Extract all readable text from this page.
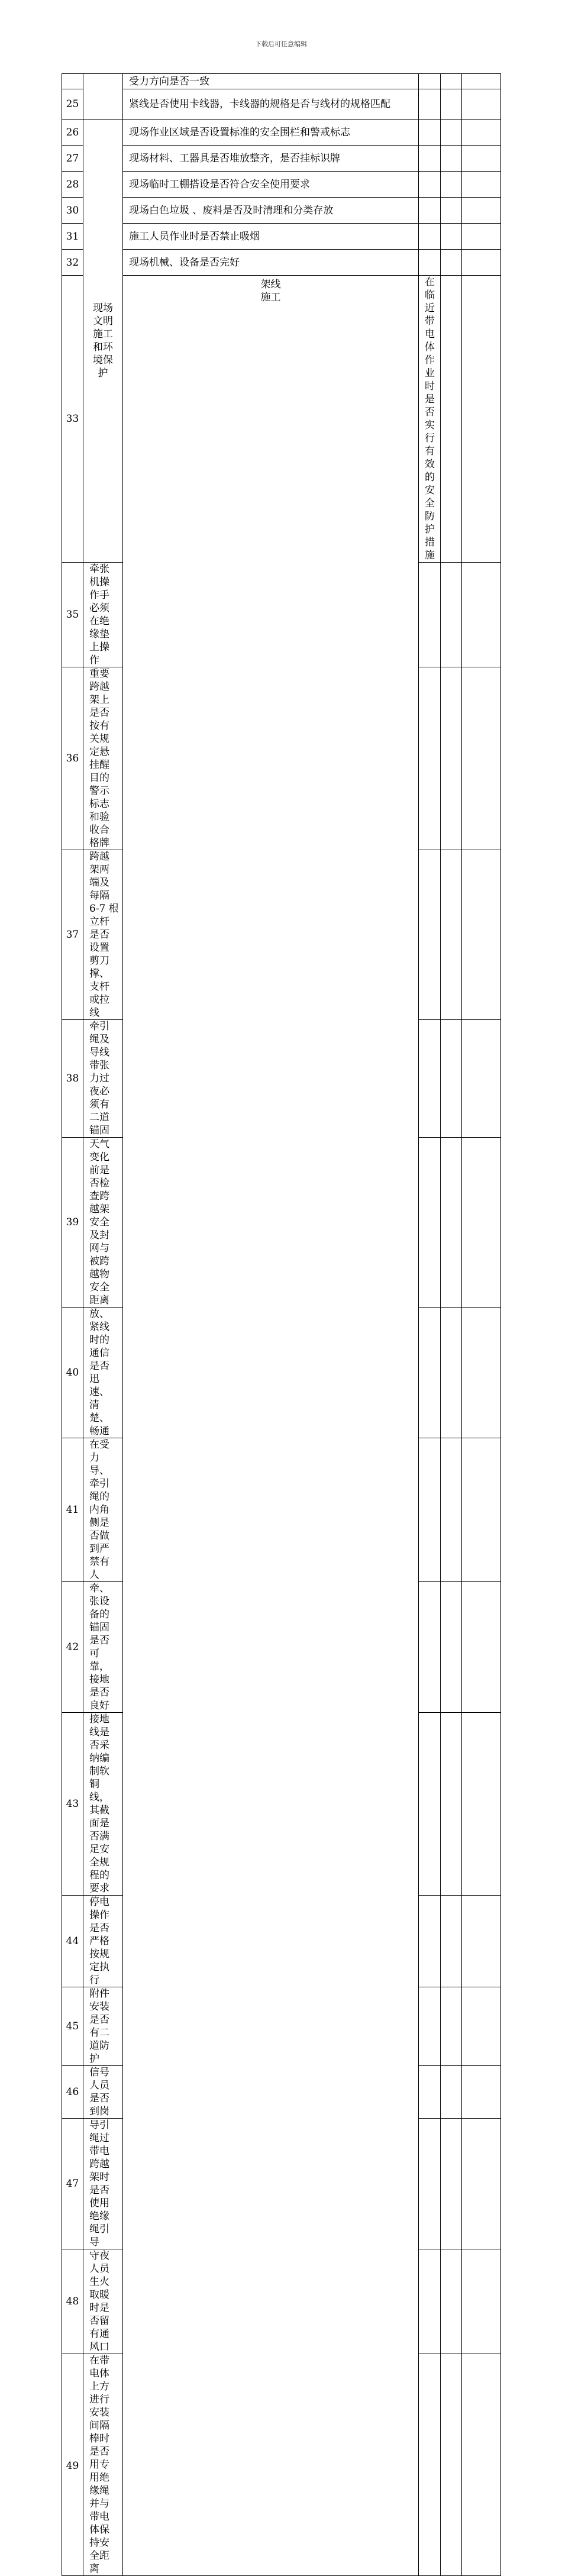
下载后可任意编辑
		受力方向是否一致				
25		紧线是否使用卡线器，卡线器的规格是否与线材的规格匹配				
26	现场文明施工和环境保护	现场作业区域是否设置标准的安全围栏和警戒标志				
27		现场材料、工器具是否堆放整齐，是否挂标识牌				
28		现场临时工棚搭设是否符合安全使用要求				
30		现场白色垃圾 、废料是否及时清理和分类存放				
31		施工人员作业时是否禁止吸烟				
32		现场机械、设备是否完好				
33		架线施工	在临近带电体作业时是否实行有效的安全防护措施			
35	牵张机操作手必须在绝缘垫上操作					
36	重要跨越架上是否按有关规定悬挂醒目的警示标志和验收合格牌					
37	跨越架两端及每隔 6-7 根立杆是否设置剪刀撑、支杆或拉线					
38	牵引绳及导线带张力过夜必须有二道锚固					
39	天气变化前是否检查跨越架安全及封网与被跨越物安全距离					
40	放、紧线时的通信是否迅速、清楚、畅通					
41	在受力导、牵引绳的内角侧是否做到严禁有人					
42	牵、张设备的锚固是否可靠，接地是否良好					
43	接地线是否采纳编制软铜线，其截面是否满足安全规程的要求					
44	停电操作是否严格按规定执行					
45	附件安装是否有二道防护					
46	信号人员是否到岗					
47	导引绳过带电跨越架时是否使用绝缘绳引导					
48	守夜人员生火取暖时是否留有通风口					
49	在带电体上方进行安装间隔棒时是否用专用绝缘绳并与带电体保持安全距离					
